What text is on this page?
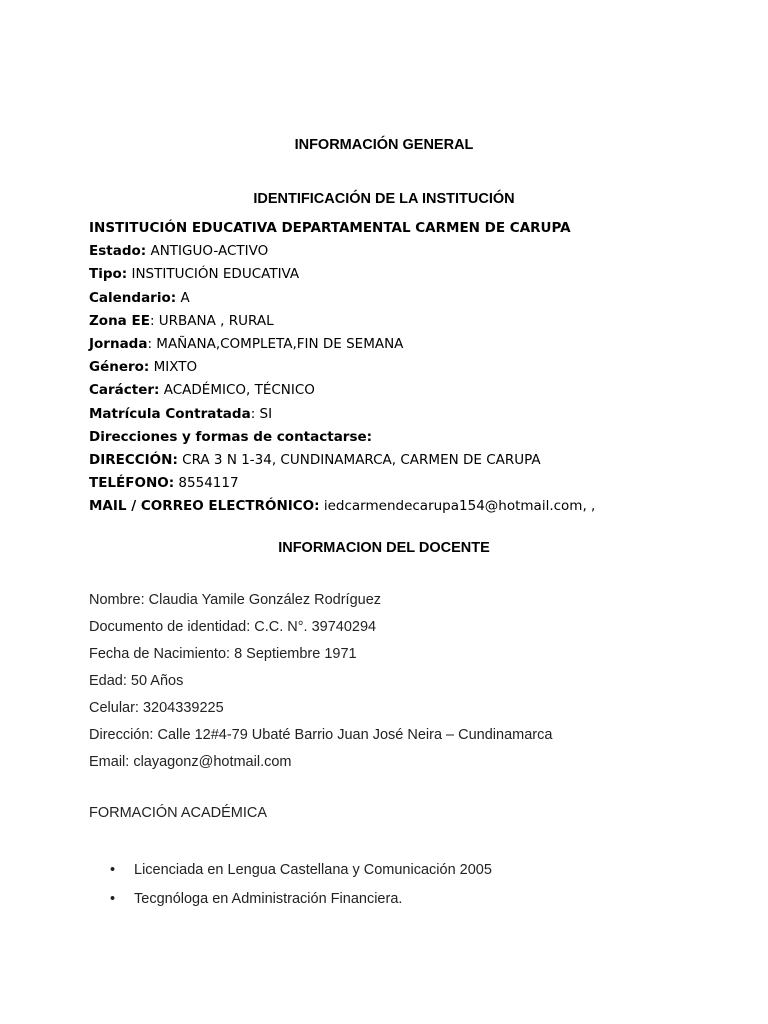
INFORMACIÓN GENERAL
IDENTIFICACIÓN DE LA INSTITUCIÓN
INSTITUCIÓN EDUCATIVA DEPARTAMENTAL CARMEN DE CARUPA
Estado: ANTIGUO-ACTIVO
Tipo: INSTITUCIÓN EDUCATIVA
Calendario: A
Zona EE: URBANA , RURAL
Jornada: MAÑANA,COMPLETA,FIN DE SEMANA
Género: MIXTO
Carácter: ACADÉMICO, TÉCNICO
Matrícula Contratada: SI
Direcciones y formas de contactarse:
DIRECCIÓN: CRA 3 N 1-34, CUNDINAMARCA, CARMEN DE CARUPA
TELÉFONO: 8554117
MAIL / CORREO ELECTRÓNICO: iedcarmendecarupa154@hotmail.com, ,
INFORMACION DEL DOCENTE
Nombre: Claudia Yamile González Rodríguez
Documento de identidad: C.C. N°. 39740294
Fecha de Nacimiento: 8 Septiembre 1971
Edad: 50 Años
Celular: 3204339225
Dirección: Calle 12#4-79 Ubaté Barrio Juan José Neira – Cundinamarca
Email: clayagonz@hotmail.com
FORMACIÓN ACADÉMICA
• Licenciada en Lengua Castellana y Comunicación 2005
• Tecgnóloga en Administración Financiera.
